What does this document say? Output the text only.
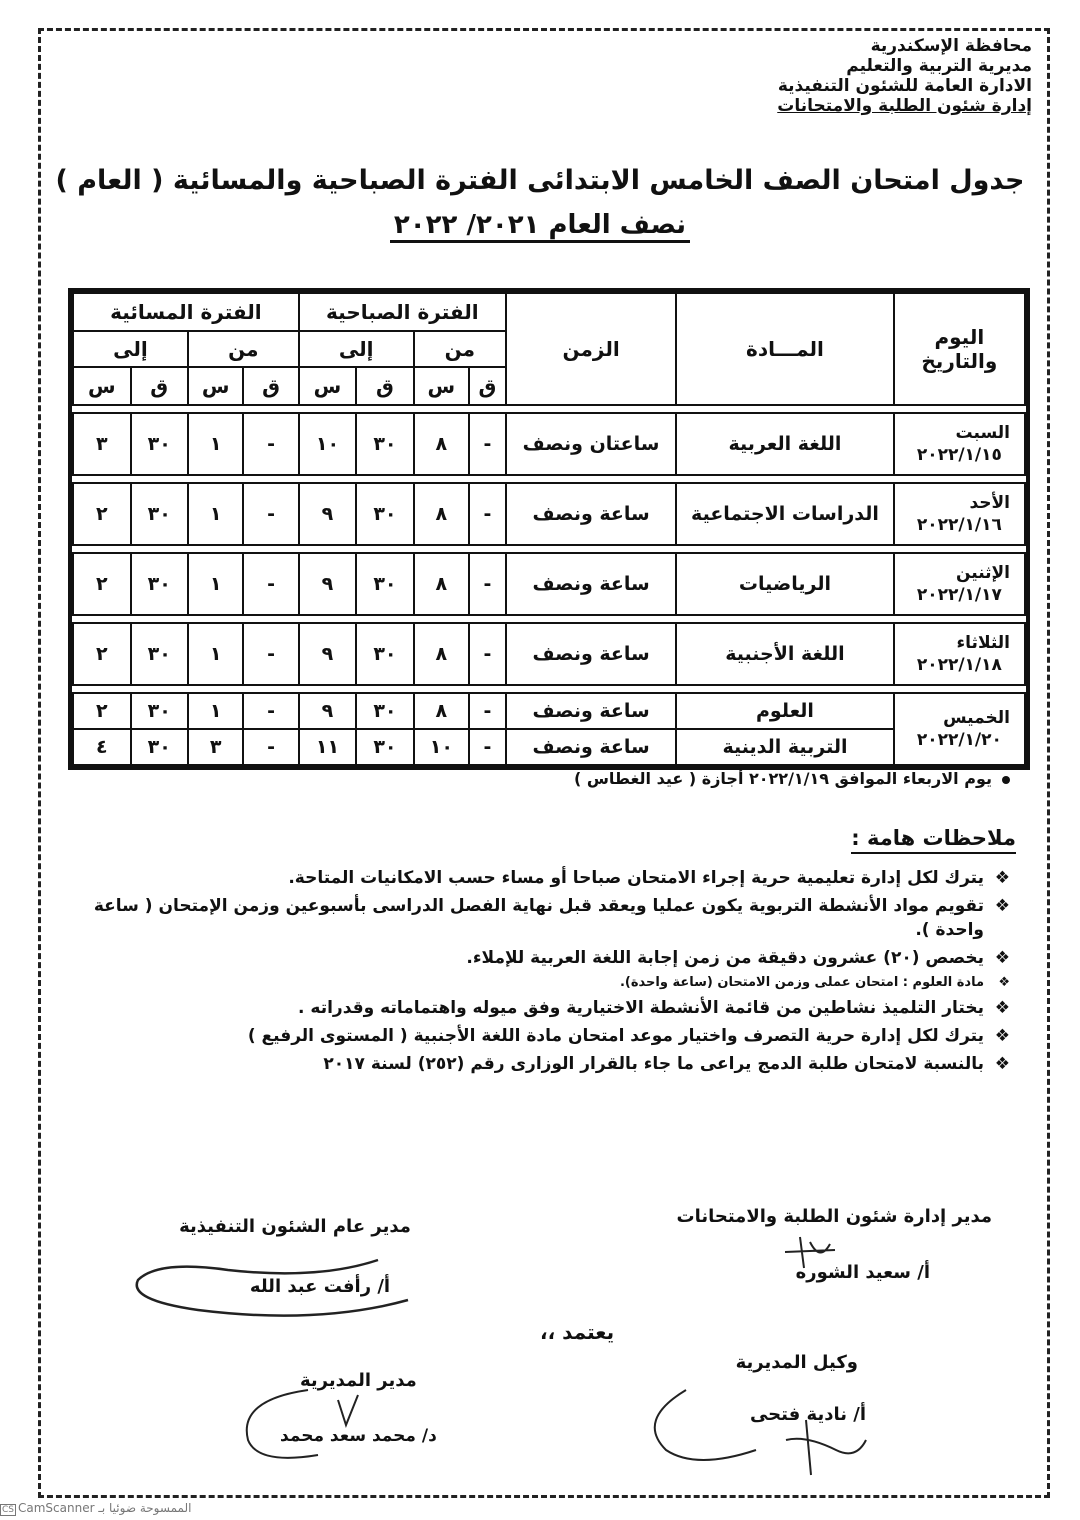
محافظة الإسكندرية
مديرية التربية والتعليم
الادارة العامة للشئون التنفيذية
إدارة شئون الطلبة والامتحانات
جدول امتحان الصف الخامس الابتدائى الفترة الصباحية والمسائية ( العام )
نصف العام ٢٠٢١/ ٢٠٢٢
اليوم والتاريخ	المـــادة	الزمن	الفترة الصباحية				الفترة المسائية			
			من		إلى		من		إلى	
			ق	س	ق	س	ق	س	ق	س

السبت
٢٠٢٢/١/١٥	اللغة العربية	ساعتان ونصف	-	٨	٣٠	١٠	-	١	٣٠	٣

الأحد
٢٠٢٢/١/١٦	الدراسات الاجتماعية	ساعة ونصف	-	٨	٣٠	٩	-	١	٣٠	٢

الإثنين
٢٠٢٢/١/١٧	الرياضيات	ساعة ونصف	-	٨	٣٠	٩	-	١	٣٠	٢

الثلاثاء
٢٠٢٢/١/١٨	اللغة الأجنبية	ساعة ونصف	-	٨	٣٠	٩	-	١	٣٠	٢

الخميس
٢٠٢٢/١/٢٠	العلوم	ساعة ونصف	-	٨	٣٠	٩	-	١	٣٠	٢
	التربية الدينية	ساعة ونصف	-	١٠	٣٠	١١	-	٣	٣٠	٤
يوم الاربعاء الموافق ٢٠٢٢/١/١٩ أجازة ( عيد الغطاس )
ملاحظات هامة :
❖
يترك لكل إدارة تعليمية حرية إجراء الامتحان صباحا أو مساء حسب الامكانيات المتاحة.
❖
تقويم مواد الأنشطة التربوية يكون عمليا ويعقد قبل نهاية الفصل الدراسى بأسبوعين وزمن الإمتحان ( ساعة واحدة ).
❖
يخصص (٢٠) عشرون دقيقة من زمن إجابة اللغة العربية للإملاء.
❖
مادة العلوم : امتحان عملى وزمن الامتحان (ساعة واحدة).
❖
يختار التلميذ نشاطين من قائمة الأنشطة الاختيارية وفق ميوله واهتماماته وقدراته .
❖
يترك لكل إدارة حرية التصرف واختيار موعد امتحان مادة اللغة الأجنبية ( المستوى الرفيع )
❖
بالنسبة لامتحان طلبة الدمج يراعى ما جاء بالقرار الوزارى رقم (٢٥٢) لسنة ٢٠١٧
مدير إدارة شئون الطلبة والامتحانات
أ/ سعيد الشوره
مدير عام الشئون التنفيذية
أ/ رأفت عبد الله
يعتمد ،،
وكيل المديرية
أ/ نادية فتحى
مدير المديرية
د/ محمد سعد محمد
CS CamScanner الممسوحة ضوئيا بـ
